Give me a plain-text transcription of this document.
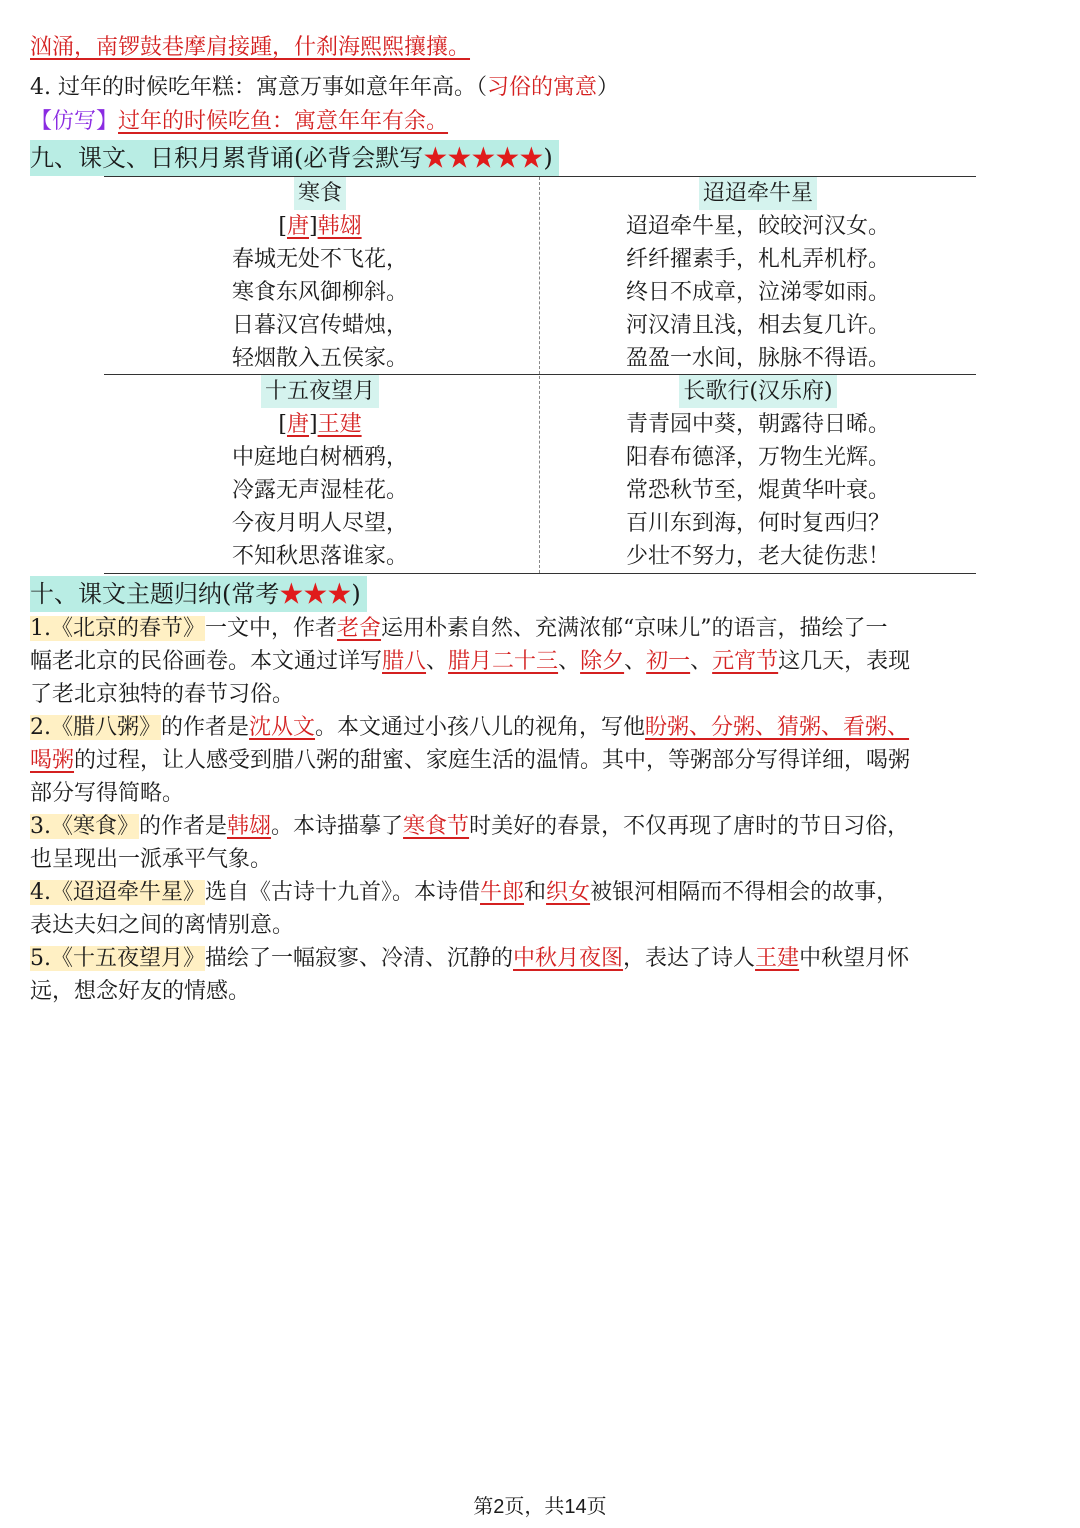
汹涌，南锣鼓巷摩肩接踵，什刹海熙熙攘攘。
4. 过年的时候吃年糕：寓意万事如意年年高。（习俗的寓意）
【仿写】过年的时候吃鱼：寓意年年有余。
九、课文、日积月累背诵(必背会默写★★★★★)
寒食
[唐]韩翃
春城无处不飞花，
寒食东风御柳斜。
日暮汉宫传蜡烛，
轻烟散入五侯家。
迢迢牵牛星
迢迢牵牛星，皎皎河汉女。
纤纤擢素手，札札弄机杼。
终日不成章，泣涕零如雨。
河汉清且浅，相去复几许。
盈盈一水间，脉脉不得语。
十五夜望月
[唐]王建
中庭地白树栖鸦，
冷露无声湿桂花。
今夜月明人尽望，
不知秋思落谁家。
长歌行(汉乐府)
青青园中葵，朝露待日晞。
阳春布德泽，万物生光辉。
常恐秋节至，焜黄华叶衰。
百川东到海，何时复西归？
少壮不努力，老大徒伤悲！
十、课文主题归纳(常考★★★)
1.《北京的春节》一文中，作者老舍运用朴素自然、充满浓郁“京味儿”的语言，描绘了一
幅老北京的民俗画卷。本文通过详写腊八、腊月二十三、除夕、初一、元宵节这几天，表现
了老北京独特的春节习俗。
2.《腊八粥》的作者是沈从文。本文通过小孩八儿的视角，写他盼粥、分粥、猜粥、看粥、
喝粥的过程，让人感受到腊八粥的甜蜜、家庭生活的温情。其中，等粥部分写得详细，喝粥
部分写得简略。
3.《寒食》的作者是韩翃。本诗描摹了寒食节时美好的春景，不仅再现了唐时的节日习俗，
也呈现出一派承平气象。
4.《迢迢牵牛星》选自《古诗十九首》。本诗借牛郎和织女被银河相隔而不得相会的故事，
表达夫妇之间的离情别意。
5.《十五夜望月》描绘了一幅寂寥、冷清、沉静的中秋月夜图，表达了诗人王建中秋望月怀
远，想念好友的情感。
第2页，共14页
